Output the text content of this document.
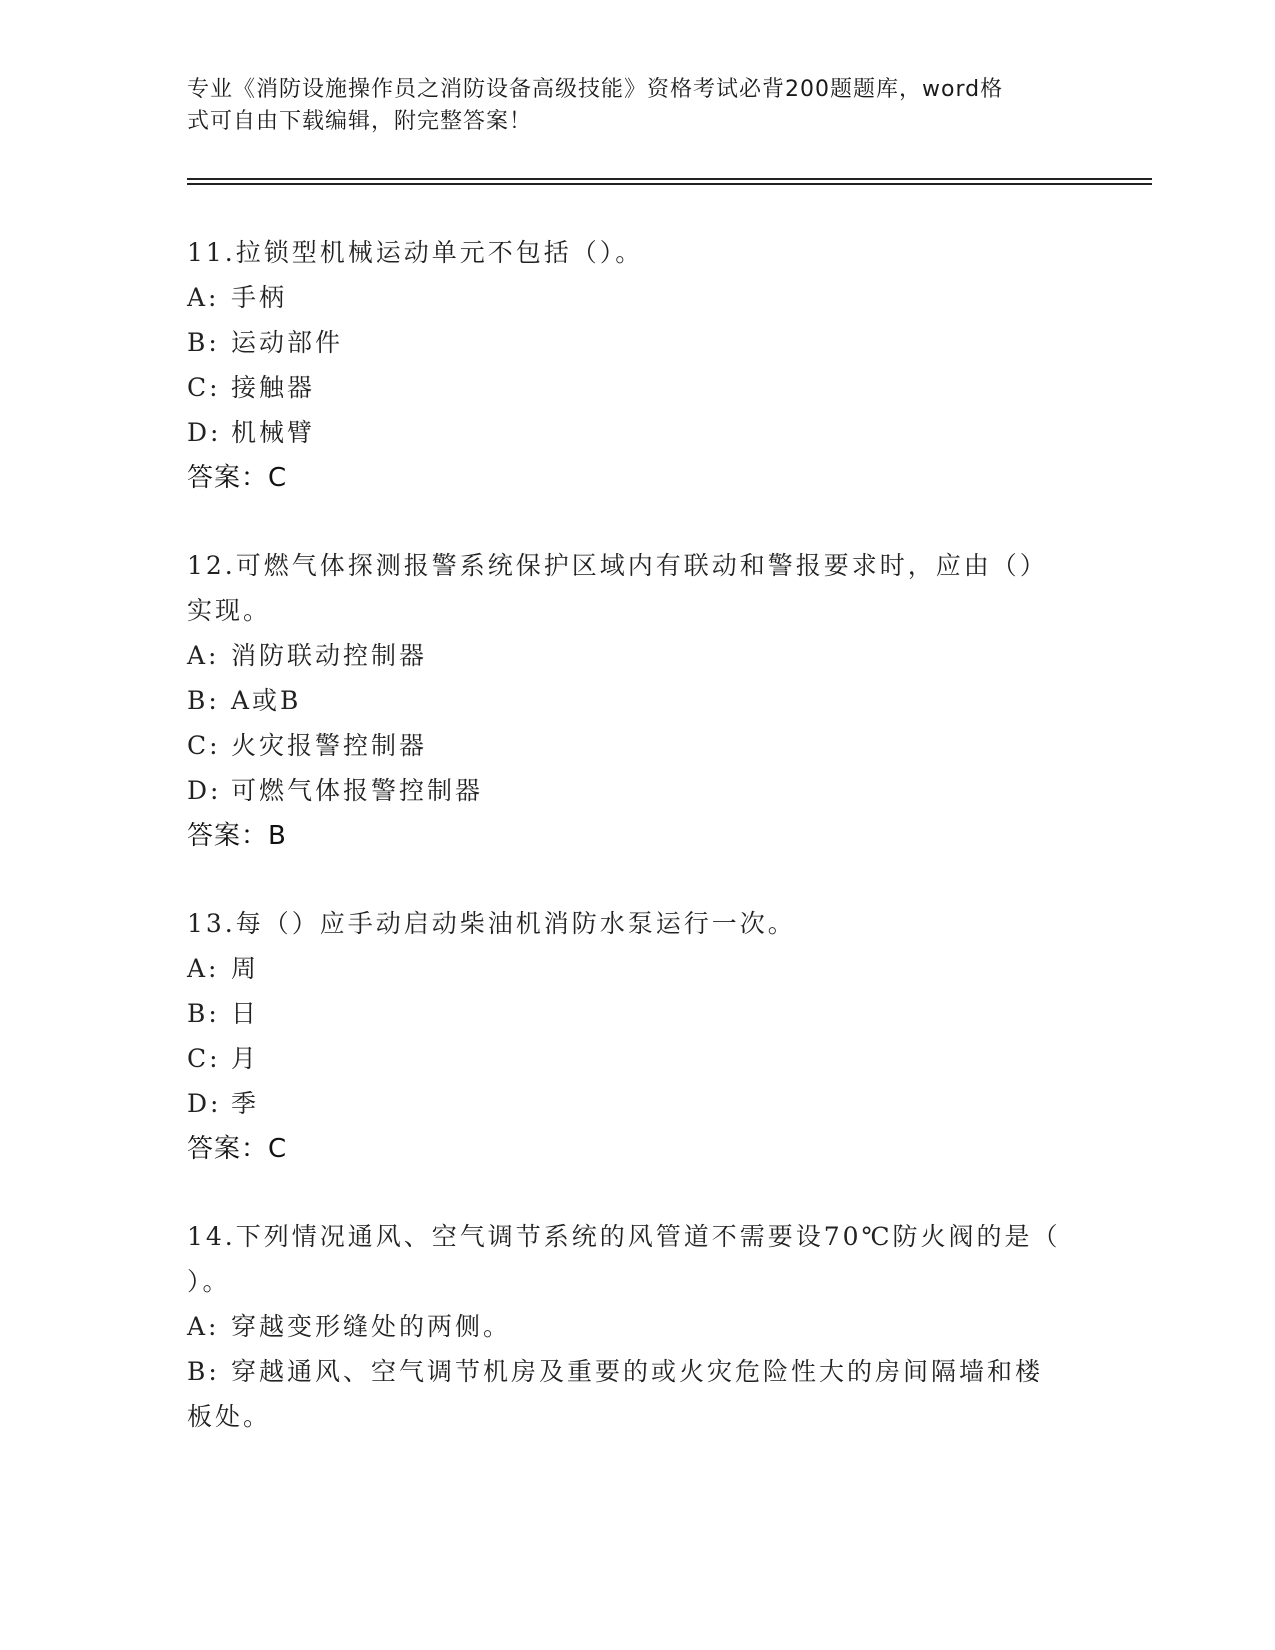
专业《消防设施操作员之消防设备高级技能》资格考试必背200题题库，word格
式可自由下载编辑，附完整答案！
11.拉锁型机械运动单元不包括（）。
A: 手柄
B: 运动部件
C: 接触器
D: 机械臂
答案：C
12.可燃气体探测报警系统保护区域内有联动和警报要求时，应由（）
实现。
A: 消防联动控制器
B: A或B
C: 火灾报警控制器
D: 可燃气体报警控制器
答案：B
13.每（）应手动启动柴油机消防水泵运行一次。
A: 周
B: 日
C: 月
D: 季
答案：C
14.下列情况通风、空气调节系统的风管道不需要设70℃防火阀的是（
）。
A: 穿越变形缝处的两侧。
B: 穿越通风、空气调节机房及重要的或火灾危险性大的房间隔墙和楼
板处。
